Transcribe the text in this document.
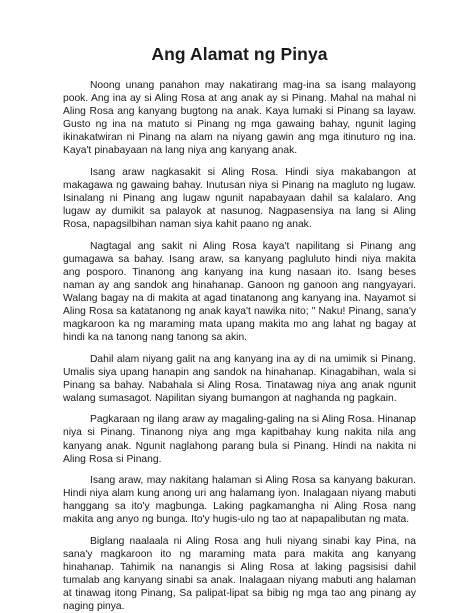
Ang Alamat ng Pinya

Noong unang panahon may nakatirang mag-ina sa isang malayong pook. Ang ina ay si Aling Rosa at ang anak ay si Pinang. Mahal na mahal ni Aling Rosa ang kanyang bugtong na anak. Kaya lumaki si Pinang sa layaw. Gusto ng ina na matuto si Pinang ng mga gawaing bahay, ngunit laging ikinakatwiran ni Pinang na alam na niyang gawin ang mga itinuturo ng ina. Kaya't pinabayaan na lang niya ang kanyang anak.

Isang araw nagkasakit si Aling Rosa. Hindi siya makabangon at makagawa ng gawaing bahay. Inutusan niya si Pinang na magluto ng lugaw. Isinalang ni Pinang ang lugaw ngunit napabayaan dahil sa kalalaro. Ang lugaw ay dumikit sa palayok at nasunog. Nagpasensiya na lang si Aling Rosa, napagsilbihan naman siya kahit paano ng anak.

Nagtagal ang sakit ni Aling Rosa kaya't napilitang si Pinang ang gumagawa sa bahay. Isang araw, sa kanyang pagluluto hindi niya makita ang posporo. Tinanong ang kanyang ina kung nasaan ito. Isang beses naman ay ang sandok ang hinahanap. Ganoon ng ganoon ang nangyayari. Walang bagay na di makita at agad tinatanong ang kanyang ina. Nayamot si Aling Rosa sa katatanong ng anak kaya't nawika nito; " Naku! Pinang, sana'y magkaroon ka ng maraming mata upang makita mo ang lahat ng bagay at hindi ka na tanong nang tanong sa akin.

Dahil alam niyang galit na ang kanyang ina ay di na umimik si Pinang. Umalis siya upang hanapin ang sandok na hinahanap. Kinagabihan, wala si Pinang sa bahay. Nabahala si Aling Rosa. Tinatawag niya ang anak ngunit walang sumasagot. Napilitan siyang bumangon at naghanda ng pagkain.

Pagkaraan ng ilang araw ay magaling-galing na si Aling Rosa. Hinanap niya si Pinang. Tinanong niya ang mga kapitbahay kung nakita nila ang kanyang anak. Ngunit naglahong parang bula si Pinang. Hindi na nakita ni Aling Rosa si Pinang.

Isang araw, may nakitang halaman si Aling Rosa sa kanyang bakuran. Hindi niya alam kung anong uri ang halamang iyon. Inalagaan niyang mabuti hanggang sa ito'y magbunga. Laking pagkamangha ni Aling Rosa nang makita ang anyo ng bunga. Ito'y hugis-ulo ng tao at napapalibutan ng mata.

Biglang naalaala ni Aling Rosa ang huli niyang sinabi kay Pina, na sana'y magkaroon ito ng maraming mata para makita ang kanyang hinahanap. Tahimik na nanangis si Aling Rosa at laking pagsisisi dahil tumalab ang kanyang sinabi sa anak. Inalagaan niyang mabuti ang halaman at tinawag itong Pinang, Sa palipat-lipat sa bibig ng mga tao ang pinang ay naging pinya.
